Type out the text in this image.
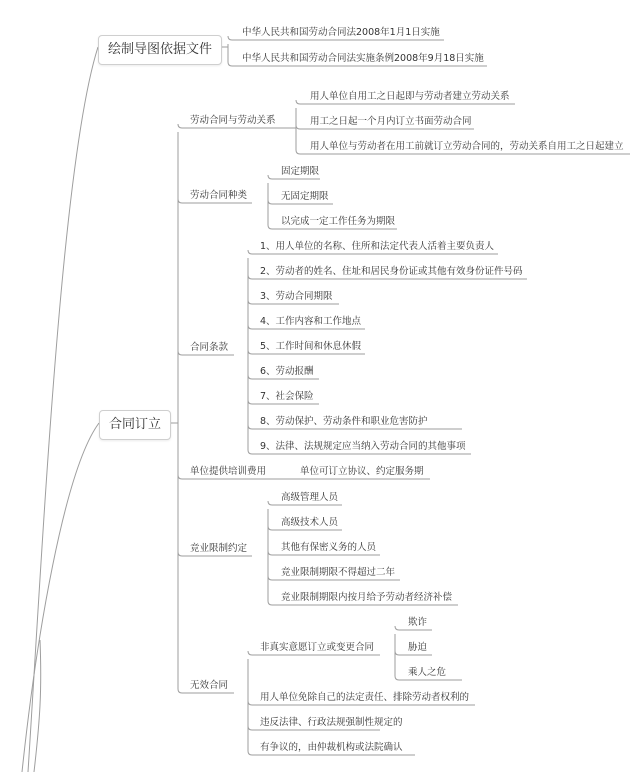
绘制导图依据文件
合同订立
中华人民共和国劳动合同法2008年1月1日实施
中华人民共和国劳动合同法实施条例2008年9月18日实施
劳动合同与劳动关系
用人单位自用工之日起即与劳动者建立劳动关系
用工之日起一个月内订立书面劳动合同
用人单位与劳动者在用工前就订立劳动合同的，劳动关系自用工之日起建立
劳动合同种类
固定期限
无固定期限
以完成一定工作任务为期限
合同条款
1、用人单位的名称、住所和法定代表人活着主要负责人
2、劳动者的姓名、住址和居民身份证或其他有效身份证件号码
3、劳动合同期限
4、工作内容和工作地点
5、工作时间和休息休假
6、劳动报酬
7、社会保险
8、劳动保护、劳动条件和职业危害防护
9、法律、法规规定应当纳入劳动合同的其他事项
单位提供培训费用	单位可订立协议、约定服务期
竞业限制约定
高级管理人员
高级技术人员
其他有保密义务的人员
竞业限制期限不得超过二年
竞业限制期限内按月给予劳动者经济补偿
无效合同
非真实意愿订立或变更合同
欺诈
胁迫
乘人之危
用人单位免除自己的法定责任、排除劳动者权利的
违反法律、行政法规强制性规定的
有争议的，由仲裁机构或法院确认
